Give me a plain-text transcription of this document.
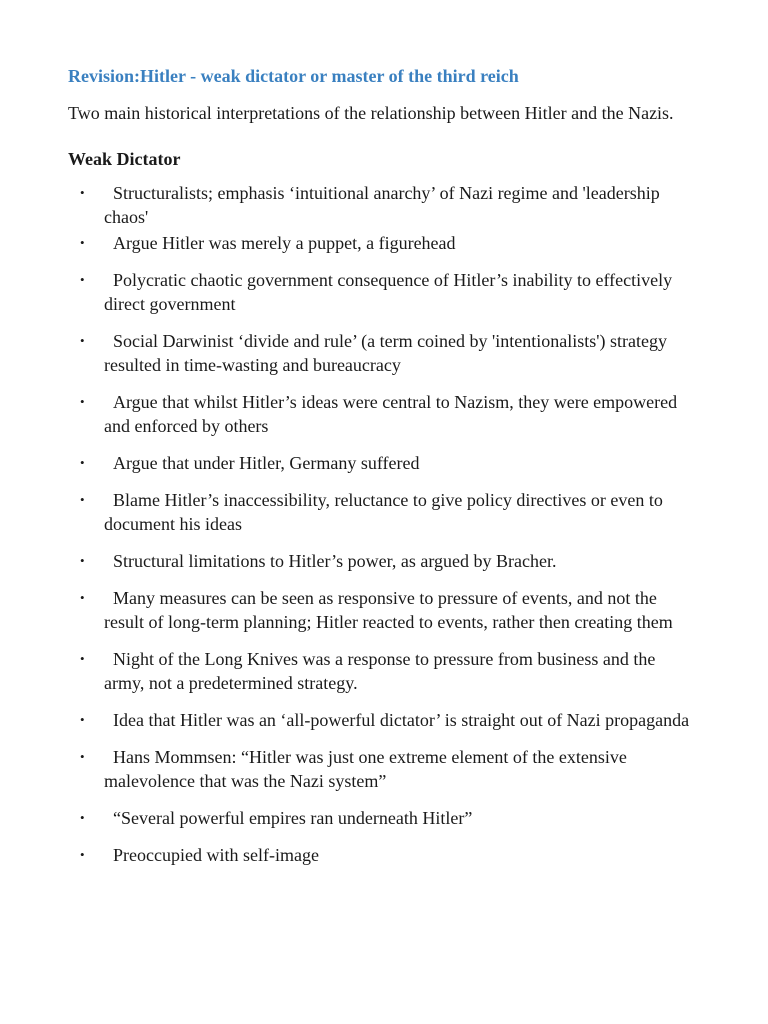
Revision:Hitler - weak dictator or master of the third reich
Two main historical interpretations of the relationship between Hitler and the Nazis.
Weak Dictator
•	Structuralists; emphasis ‘intuitional anarchy’ of Nazi regime and 'leadership chaos'
•	Argue Hitler was merely a puppet, a figurehead
•	Polycratic chaotic government consequence of Hitler’s inability to effectively direct government
•	Social Darwinist ‘divide and rule’ (a term coined by 'intentionalists') strategy resulted in time-wasting and bureaucracy
•	Argue that whilst Hitler’s ideas were central to Nazism, they were empowered and enforced by others
•	Argue that under Hitler, Germany suffered
•	Blame Hitler’s inaccessibility, reluctance to give policy directives or even to document his ideas
•	Structural limitations to Hitler’s power, as argued by Bracher.
•	Many measures can be seen as responsive to pressure of events, and not the result of long-term planning; Hitler reacted to events, rather then creating them
•	Night of the Long Knives was a response to pressure from business and the army, not a predetermined strategy.
•	Idea that Hitler was an ‘all-powerful dictator’ is straight out of Nazi propaganda
•	Hans Mommsen: “Hitler was just one extreme element of the extensive malevolence that was the Nazi system”
•	“Several powerful empires ran underneath Hitler”
•	Preoccupied with self-image
